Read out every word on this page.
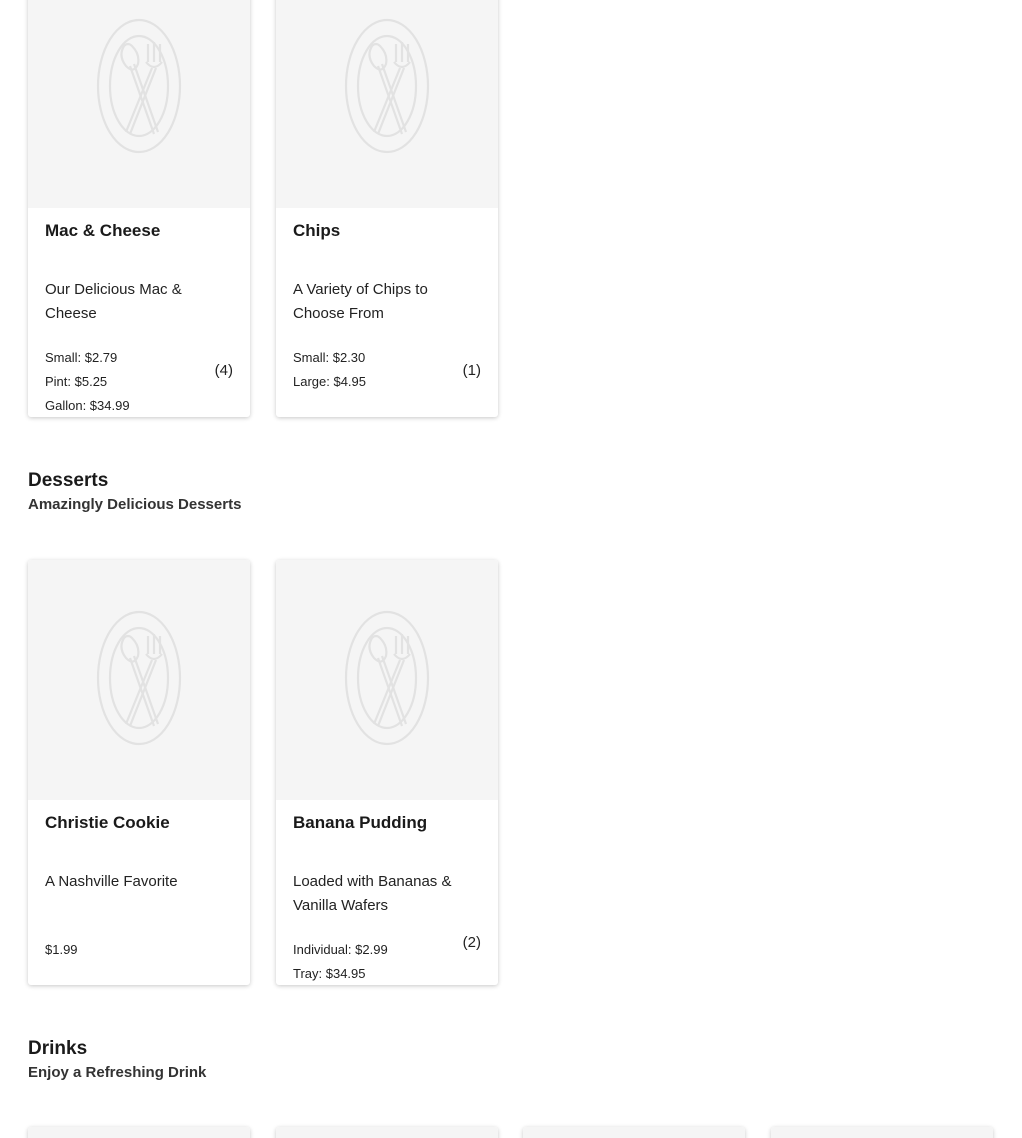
Mac & Cheese
Our Delicious Mac & Cheese
Small: $2.79
Pint: $5.25
Gallon: $34.99
(4)
Chips
A Variety of Chips to Choose From
Small: $2.30
Large: $4.95
(1)
Desserts
Amazingly Delicious Desserts
Christie Cookie
A Nashville Favorite
$1.99
Banana Pudding
Loaded with Bananas & Vanilla Wafers
Individual: $2.99
Tray: $34.95
(2)
Drinks
Enjoy a Refreshing Drink
